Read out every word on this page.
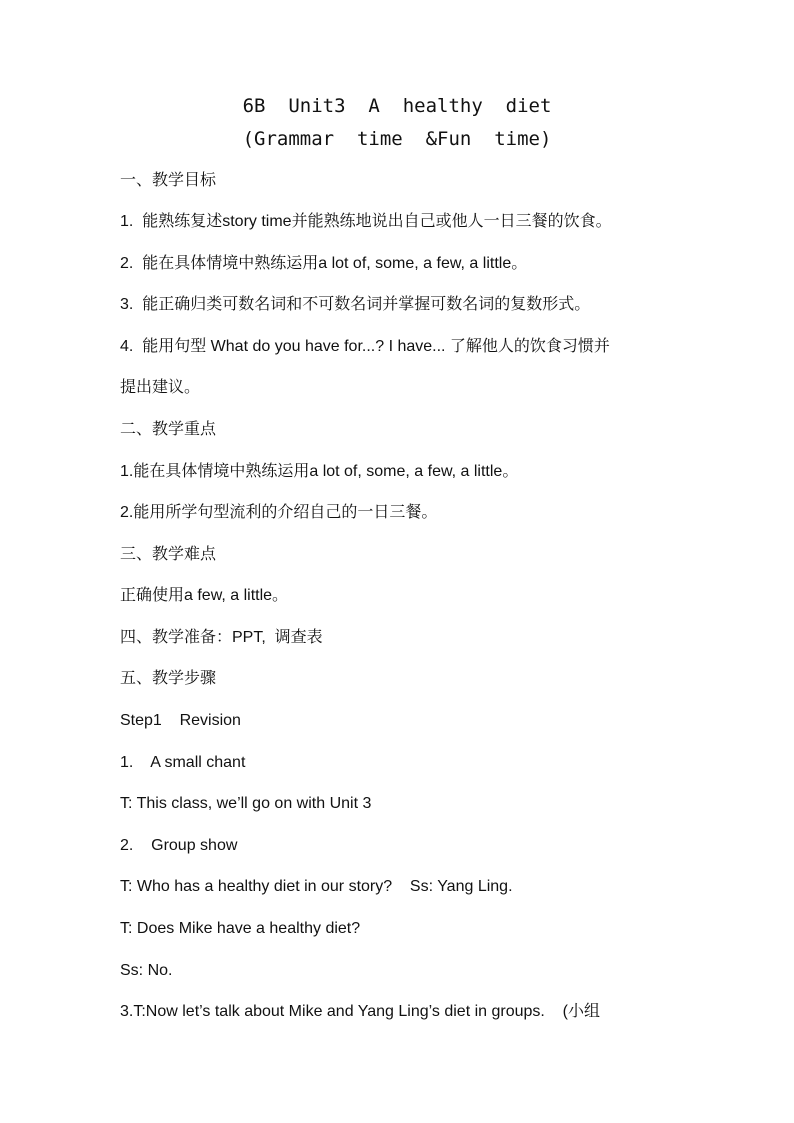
6B  Unit3  A  healthy  diet
(Grammar  time  &Fun  time)
一、教学目标
1.  能熟练复述story time并能熟练地说出自己或他人一日三餐的饮食。
2.  能在具体情境中熟练运用a lot of, some, a few, a little。
3.  能正确归类可数名词和不可数名词并掌握可数名词的复数形式。
4.  能用句型 What do you have for...? I have... 了解他人的饮食习惯并
提出建议。
二、教学重点
1.能在具体情境中熟练运用a lot of, some, a few, a little。
2.能用所学句型流利的介绍自己的一日三餐。
三、教学难点
正确使用a few, a little。
四、教学准备：PPT,  调查表
五、教学步骤
Step1    Revision
1.    A small chant
T: This class, we’ll go on with Unit 3
2.    Group show
T: Who has a healthy diet in our story?    Ss: Yang Ling.
T: Does Mike have a healthy diet?
Ss: No.
3.T:Now let’s talk about Mike and Yang Ling’s diet in groups.    (小组
